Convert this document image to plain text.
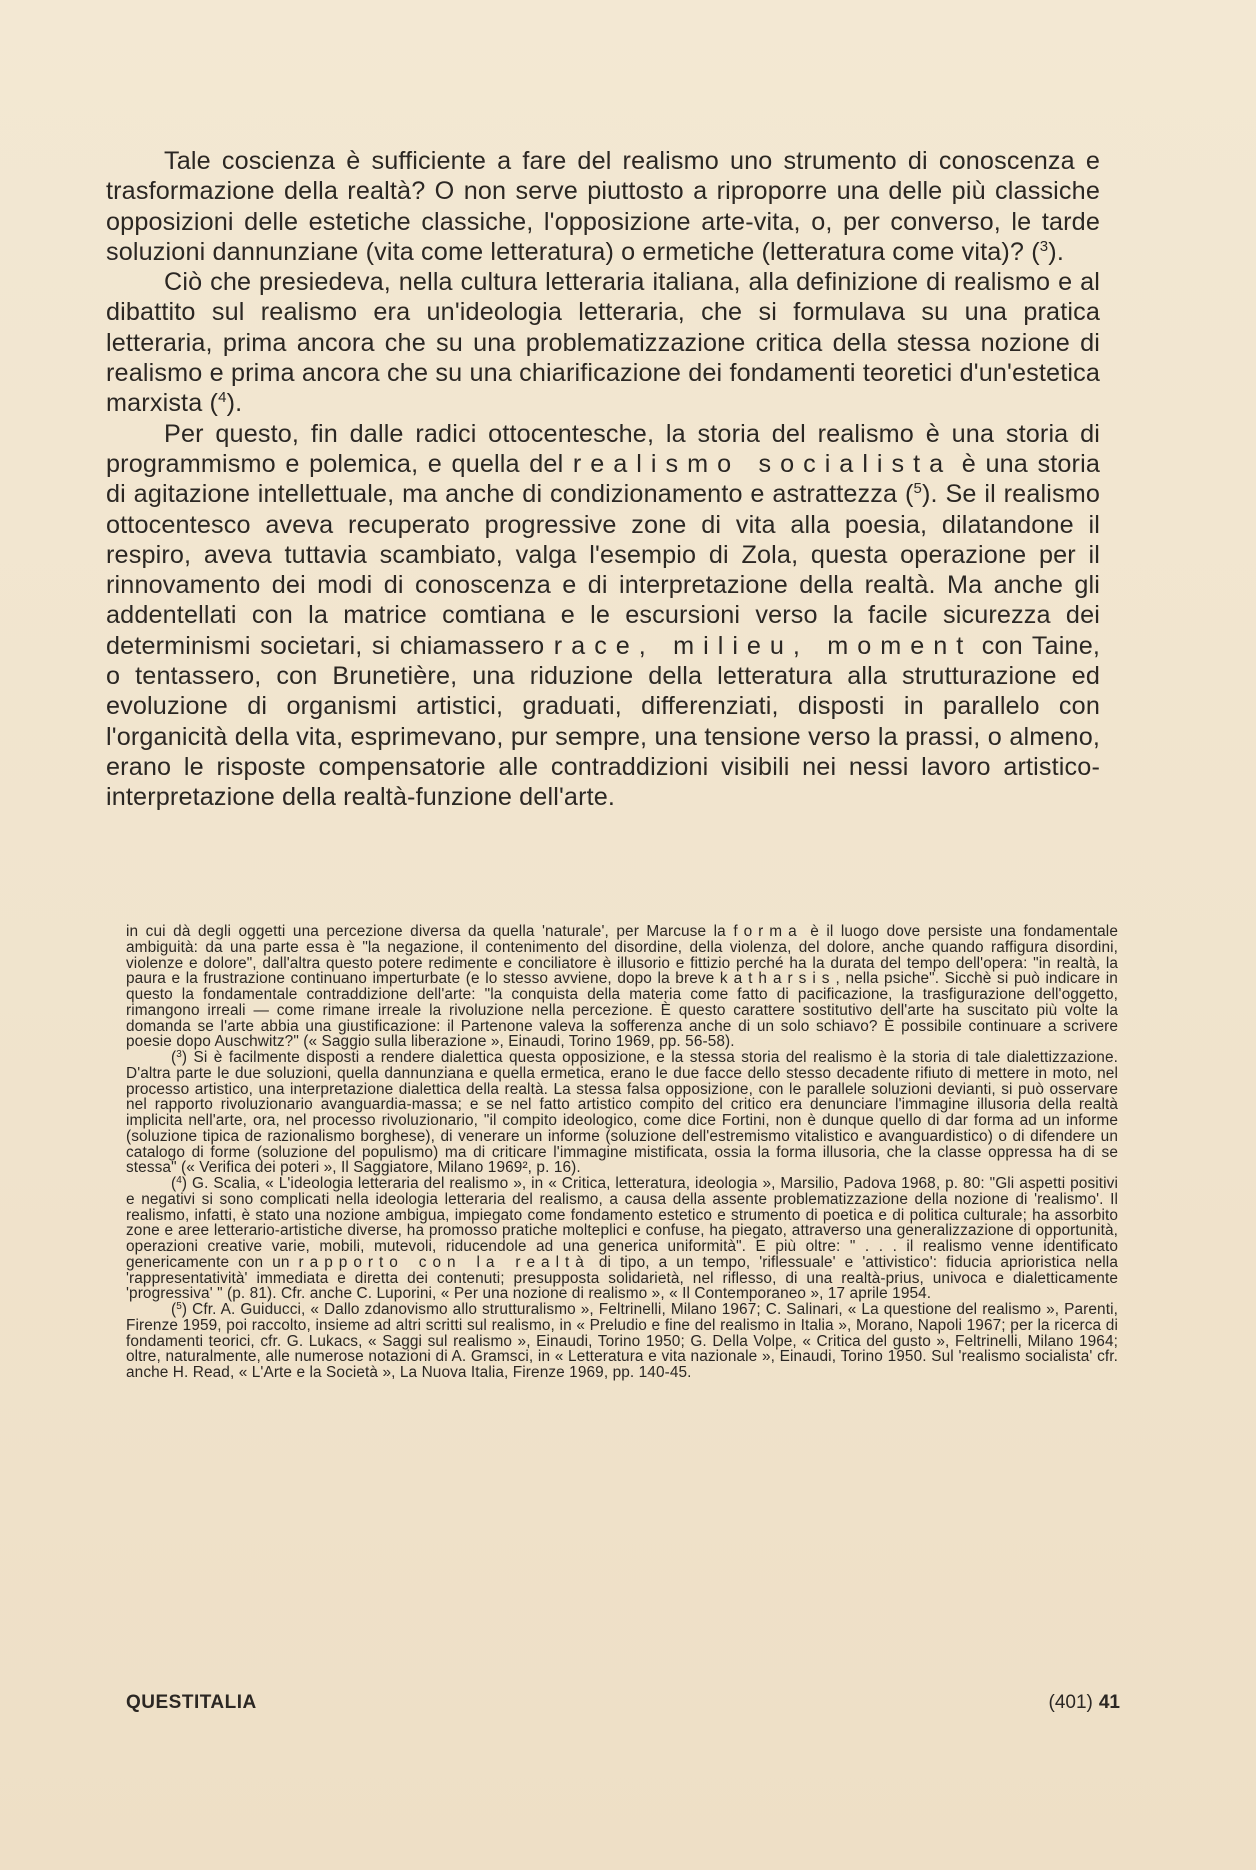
Tale coscienza è sufficiente a fare del realismo uno strumento di conoscenza e trasformazione della realtà? O non serve piuttosto a riproporre una delle più classiche opposizioni delle estetiche classiche, l'opposizione arte-vita, o, per converso, le tarde soluzioni dannunziane (vita come letteratura) o ermetiche (letteratura come vita)? ($^3$).

Ciò che presiedeva, nella cultura letteraria italiana, alla definizione di realismo e al dibattito sul realismo era un'ideologia letteraria, che si formulava su una pratica letteraria, prima ancora che su una problematizzazione critica della stessa nozione di realismo e prima ancora che su una chiarificazione dei fondamenti teoretici d'un'estetica marxista ($^4$).

Per questo, fin dalle radici ottocentesche, la storia del realismo è una storia di programmismo e polemica, e quella del realismo socialista è una storia di agitazione intellettuale, ma anche di condizionamento e astrattezza ($^5$). Se il realismo ottocentesco aveva recuperato progressive zone di vita alla poesia, dilatandone il respiro, aveva tuttavia scambiato, valga l'esempio di Zola, questa operazione per il rinnovamento dei modi di conoscenza e di interpretazione della realtà. Ma anche gli addentellati con la matrice comtiana e le escursioni verso la facile sicurezza dei determinismi societari, si chiamassero race, milieu, moment con Taine, o tentassero, con Brunetière, una riduzione della letteratura alla strutturazione ed evoluzione di organismi artistici, graduati, differenziati, disposti in parallelo con l'organicità della vita, esprimevano, pur sempre, una tensione verso la prassi, o almeno, erano le risposte compensatorie alle contraddizioni visibili nei nessi lavoro artistico-interpretazione della realtà-funzione dell'arte.

in cui dà degli oggetti una percezione diversa da quella 'naturale', per Marcuse la forma è il luogo dove persiste una fondamentale ambiguità: da una parte essa è "la negazione, il contenimento del disordine, della violenza, del dolore, anche quando raffigura disordini, violenze e dolore", dall'altra questo potere redimente e conciliatore è illusorio e fittizio perché ha la durata del tempo dell'opera: "in realtà, la paura e la frustrazione continuano imperturbate (e lo stesso avviene, dopo la breve katharsis, nella psiche". Sicchè si può indicare in questo la fondamentale contraddizione dell'arte: "la conquista della materia come fatto di pacificazione, la trasfigurazione dell'oggetto, rimangono irreali — come rimane irreale la rivoluzione nella percezione. È questo carattere sostitutivo dell'arte ha suscitato più volte la domanda se l'arte abbia una giustificazione: il Partenone valeva la sofferenza anche di un solo schiavo? È possibile continuare a scrivere poesie dopo Auschwitz?" (« Saggio sulla liberazione », Einaudi, Torino 1969, pp. 56-58).

($^3$) Si è facilmente disposti a rendere dialettica questa opposizione, e la stessa storia del realismo è la storia di tale dialettizzazione. D'altra parte le due soluzioni, quella dannunziana e quella ermetica, erano le due facce dello stesso decadente rifiuto di mettere in moto, nel processo artistico, una interpretazione dialettica della realtà. La stessa falsa opposizione, con le parallele soluzioni devianti, si può osservare nel rapporto rivoluzionario avanguardia-massa; e se nel fatto artistico compito del critico era denunciare l'immagine illusoria della realtà implicita nell'arte, ora, nel processo rivoluzionario, "il compito ideologico, come dice Fortini, non è dunque quello di dar forma ad un informe (soluzione tipica de razionalismo borghese), di venerare un informe (soluzione dell'estremismo vitalistico e avanguardistico) o di difendere un catalogo di forme (soluzione del populismo) ma di criticare l'immagine mistificata, ossia la forma illusoria, che la classe oppressa ha di se stessa" (« Verifica dei poteri », Il Saggiatore, Milano 1969², p. 16).

($^4$) G. Scalia, « L'ideologia letteraria del realismo », in « Critica, letteratura, ideologia », Marsilio, Padova 1968, p. 80: "Gli aspetti positivi e negativi si sono complicati nella ideologia letteraria del realismo, a causa della assente problematizzazione della nozione di 'realismo'. Il realismo, infatti, è stato una nozione ambigua, impiegato come fondamento estetico e strumento di poetica e di politica culturale; ha assorbito zone e aree letterario-artistiche diverse, ha promosso pratiche molteplici e confuse, ha piegato, attraverso una generalizzazione di opportunità, operazioni creative varie, mobili, mutevoli, riducendole ad una generica uniformità". E più oltre: " . . . il realismo venne identificato genericamente con un rapporto con la realtà di tipo, a un tempo, 'riflessuale' e 'attivistico': fiducia aprioristica nella 'rappresentatività' immediata e diretta dei contenuti; presupposta solidarietà, nel riflesso, di una realtà-prius, univoca e dialetticamente 'progressiva' " (p. 81). Cfr. anche C. Luporini, « Per una nozione di realismo », « Il Contemporaneo », 17 aprile 1954.

($^5$) Cfr. A. Guiducci, « Dallo zdanovismo allo strutturalismo », Feltrinelli, Milano 1967; C. Salinari, « La questione del realismo », Parenti, Firenze 1959, poi raccolto, insieme ad altri scritti sul realismo, in « Preludio e fine del realismo in Italia », Morano, Napoli 1967; per la ricerca di fondamenti teorici, cfr. G. Lukacs, « Saggi sul realismo », Einaudi, Torino 1950; G. Della Volpe, « Critica del gusto », Feltrinelli, Milano 1964; oltre, naturalmente, alle numerose notazioni di A. Gramsci, in « Letteratura e vita nazionale », Einaudi, Torino 1950. Sul 'realismo socialista' cfr. anche H. Read, « L'Arte e la Società », La Nuova Italia, Firenze 1969, pp. 140-45.

QUESTITALIA	(401) 41
